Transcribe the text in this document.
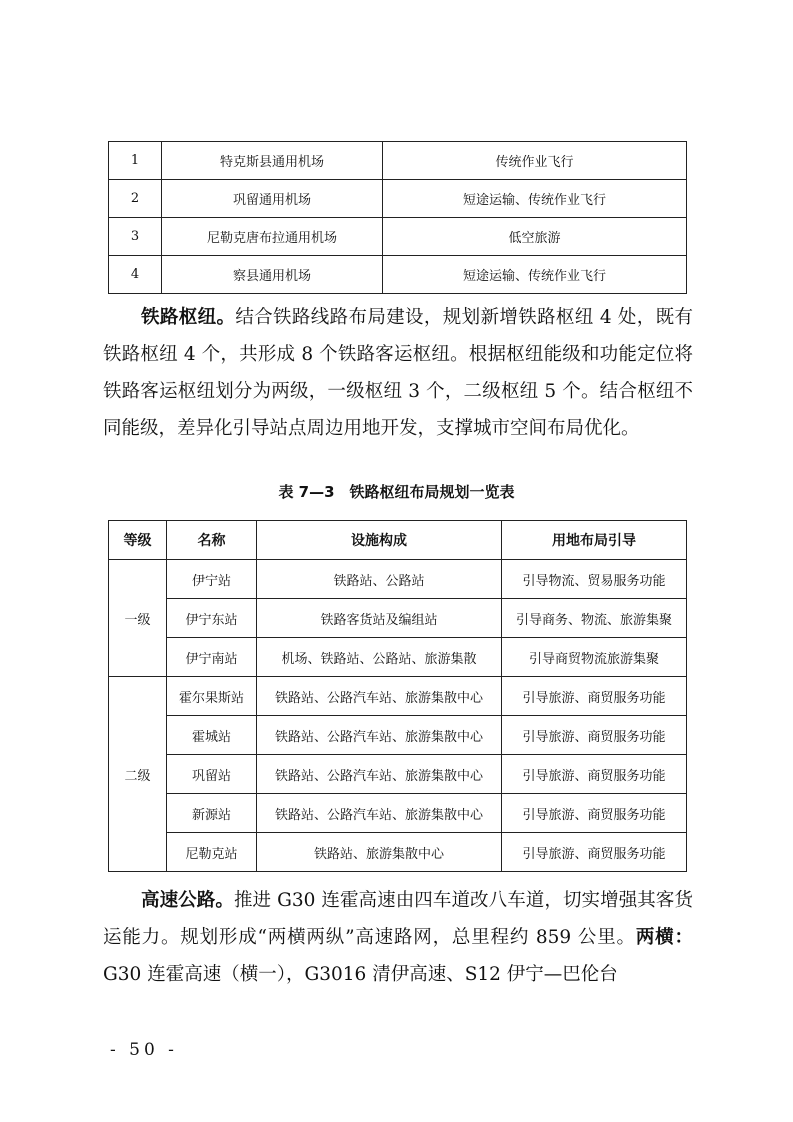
1	特克斯县通用机场	传统作业飞行
2	巩留通用机场	短途运输、传统作业飞行
3	尼勒克唐布拉通用机场	低空旅游
4	察县通用机场	短途运输、传统作业飞行

铁路枢纽。结合铁路线路布局建设，规划新增铁路枢纽 4 处，既有铁路枢纽 4 个，共形成 8 个铁路客运枢纽。根据枢纽能级和功能定位将铁路客运枢纽划分为两级，一级枢纽 3 个，二级枢纽 5 个。结合枢纽不同能级，差异化引导站点周边用地开发，支撑城市空间布局优化。

表 7—3　铁路枢纽布局规划一览表
等级	名称	设施构成	用地布局引导
一级	伊宁站	铁路站、公路站	引导物流、贸易服务功能
	伊宁东站	铁路客货站及编组站	引导商务、物流、旅游集聚
	伊宁南站	机场、铁路站、公路站、旅游集散	引导商贸物流旅游集聚
二级	霍尔果斯站	铁路站、公路汽车站、旅游集散中心	引导旅游、商贸服务功能
	霍城站	铁路站、公路汽车站、旅游集散中心	引导旅游、商贸服务功能
	巩留站	铁路站、公路汽车站、旅游集散中心	引导旅游、商贸服务功能
	新源站	铁路站、公路汽车站、旅游集散中心	引导旅游、商贸服务功能
	尼勒克站	铁路站、旅游集散中心	引导旅游、商贸服务功能

高速公路。推进 G30 连霍高速由四车道改八车道，切实增强其客货运能力。规划形成“两横两纵”高速路网，总里程约 859 公里。两横：G30 连霍高速（横一），G3016 清伊高速、S12 伊宁—巴伦台

- 50 -
